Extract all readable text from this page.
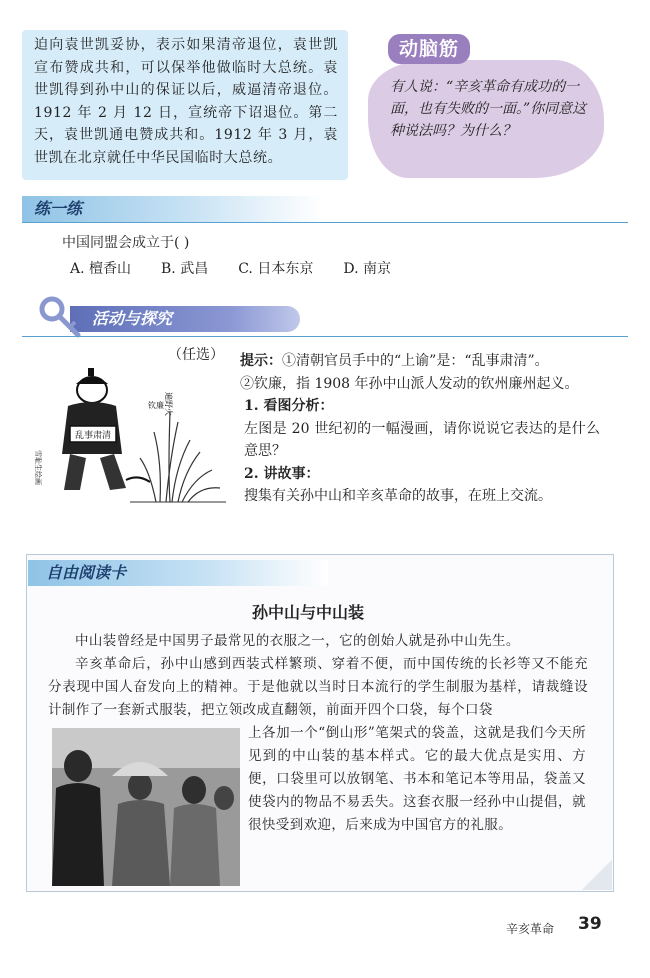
迫向袁世凯妥协，表示如果清帝退位，袁世凯宣布赞成共和，可以保举他做临时大总统。袁世凯得到孙中山的保证以后，威逼清帝退位。1912 年 2 月 12 日，宣统帝下诏退位。第二天，袁世凯通电赞成共和。1912 年 3 月，袁世凯在北京就任中华民国临时大总统。

有人说：“辛亥革命有成功的一面，也有失败的一面。”你同意这种说法吗？为什么？

动脑筋
练一练
中国同盟会成立于( )
A. 檀香山 B. 武昌 C. 日本东京 D. 南京
活动与探究
（任选）
乱事肃清
遍野火
钦廉
雪耻生绘画

提示：①清朝官员手中的“上谕”是：“乱事肃清”。

②钦廉，指 1908 年孙中山派人发动的钦州廉州起义。

1. 看图分析：

左图是 20 世纪初的一幅漫画，请你说说它表达的是什么意思？

2. 讲故事：

搜集有关孙中山和辛亥革命的故事，在班上交流。

自由阅读卡
孙中山与中山装

中山装曾经是中国男子最常见的衣服之一，它的创始人就是孙中山先生。

辛亥革命后，孙中山感到西装式样繁琐、穿着不便，而中国传统的长衫等又不能充分表现中国人奋发向上的精神。于是他就以当时日本流行的学生制服为基样，请裁缝设计制作了一套新式服装，把立领改成直翻领，前面开四个口袋，每个口袋

上各加一个“倒山形”笔架式的袋盖，这就是我们今天所见到的中山装的基本样式。它的最大优点是实用、方便，口袋里可以放钢笔、书本和笔记本等用品，袋盖又使袋内的物品不易丢失。这套衣服一经孙中山提倡，就很快受到欢迎，后来成为中国官方的礼服。

辛亥革命 39
